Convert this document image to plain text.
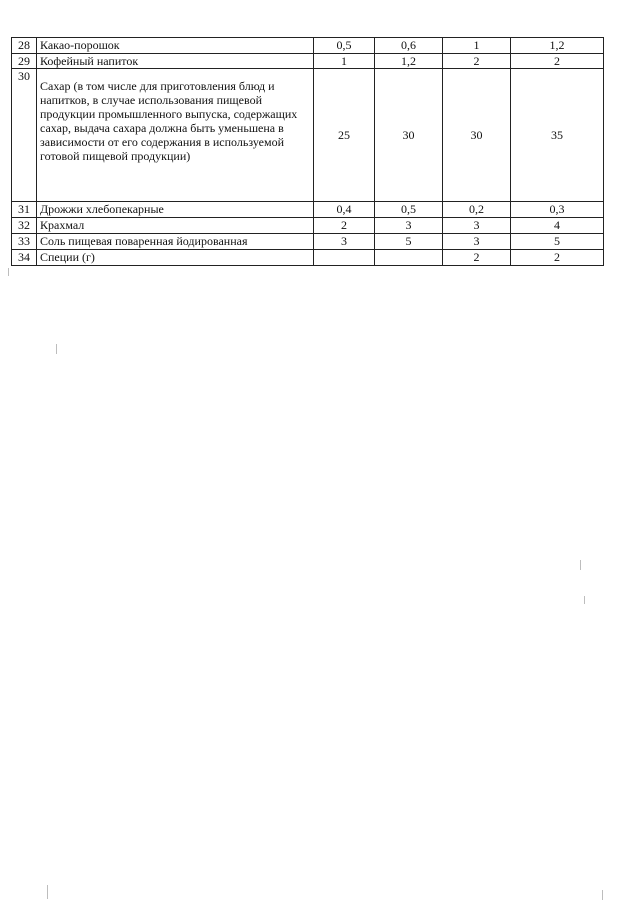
28	Какао-порошок	0,5	0,6	1	1,2
29	Кофейный напиток	1	1,2	2	2
30	Сахар (в том числе для приготовления блюд и напитков, в случае использования пищевой продукции промышленного выпуска, содержащих сахар, выдача сахара должна быть уменьшена в зависимости от его содержания в используемой готовой пищевой продукции)	25	30	30	35
31	Дрожжи хлебопекарные	0,4	0,5	0,2	0,3
32	Крахмал	2	3	3	4
33	Соль пищевая поваренная йодированная	3	5	3	5
34	Специи (г)			2	2
